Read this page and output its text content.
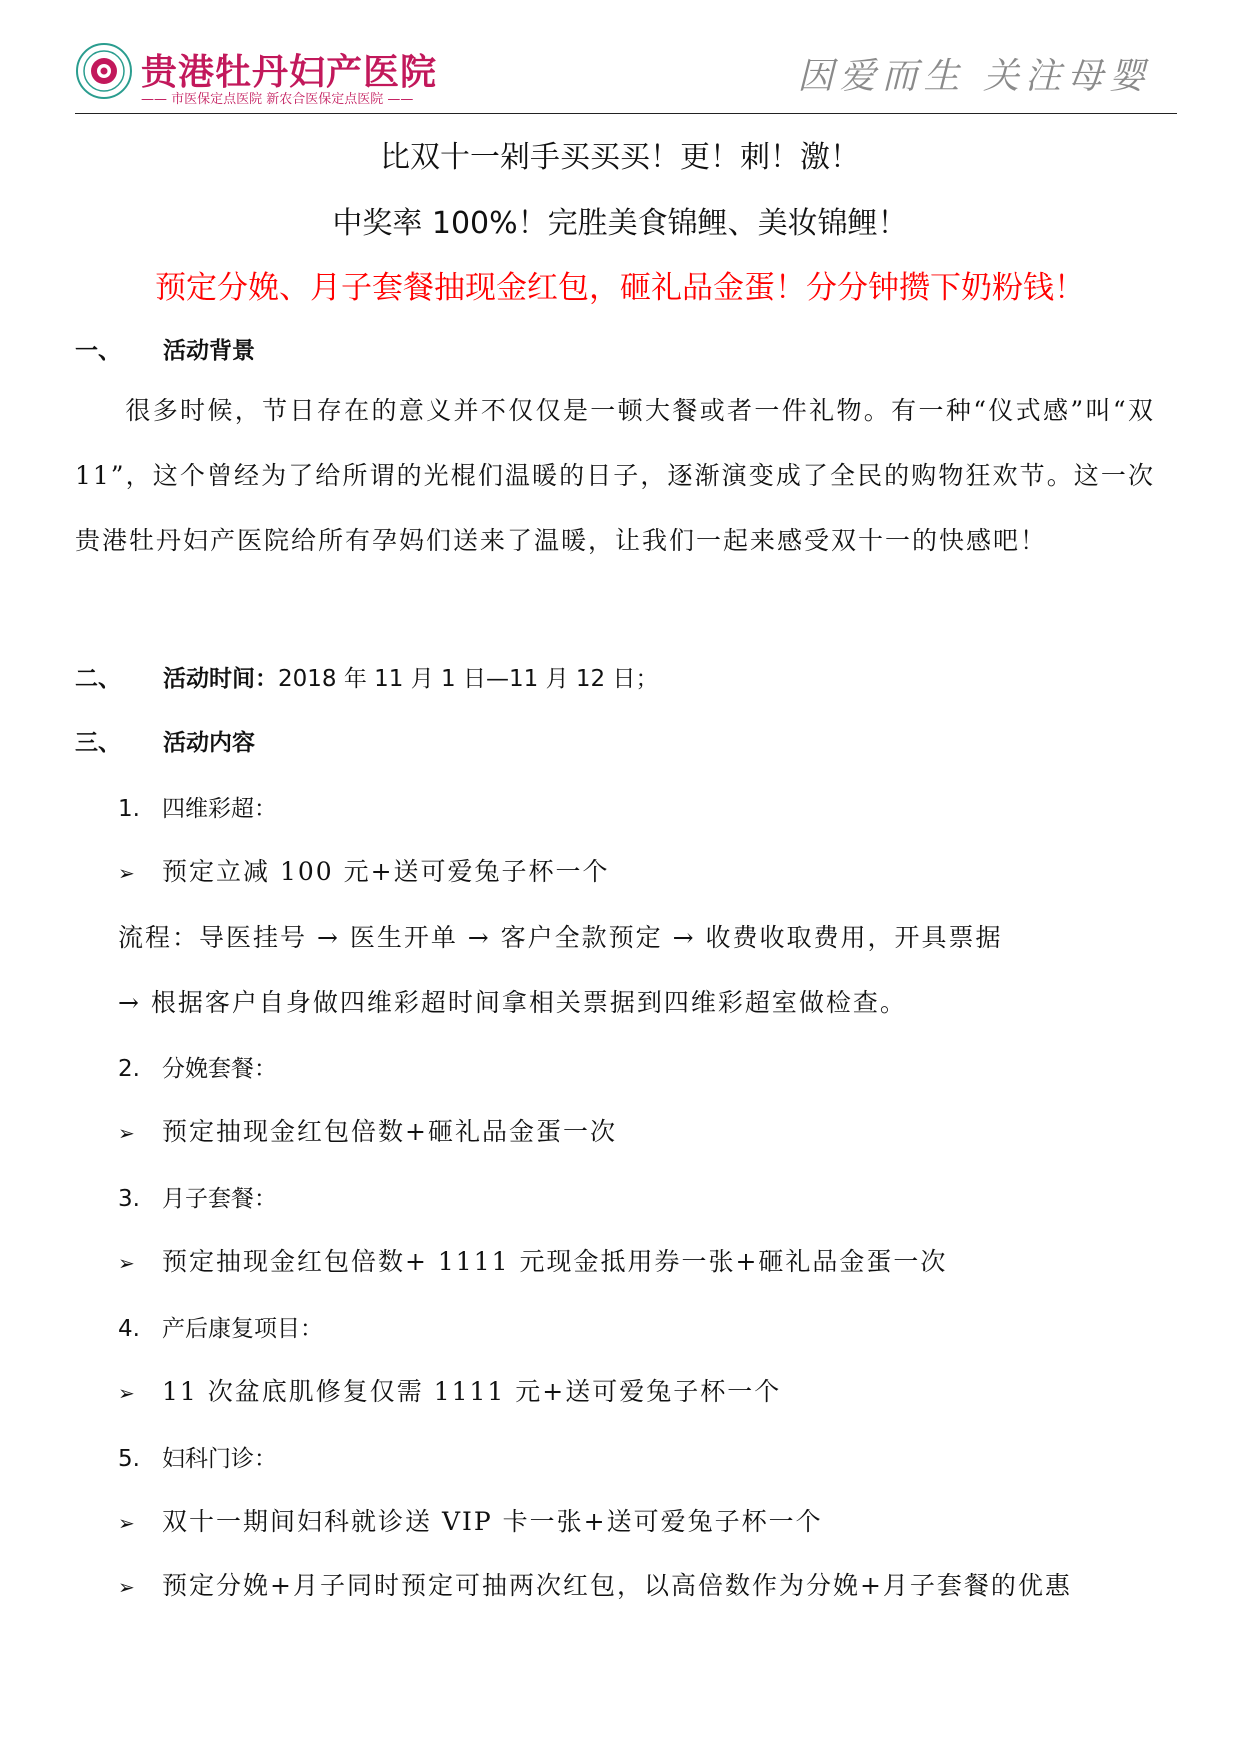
贵港牡丹妇产医院
—— 市医保定点医院 新农合医保定点医院 ——
因爱而生 关注母婴
比双十一剁手买买买！更！刺！激！
中奖率 100%！完胜美食锦鲤、美妆锦鲤！
预定分娩、月子套餐抽现金红包，砸礼品金蛋！分分钟攒下奶粉钱！
一、 活动背景
很多时候，节日存在的意义并不仅仅是一顿大餐或者一件礼物。有一种“仪式感”叫“双 11”，这个曾经为了给所谓的光棍们温暖的日子，逐渐演变成了全民的购物狂欢节。这一次贵港牡丹妇产医院给所有孕妈们送来了温暖，让我们一起来感受双十一的快感吧！
二、 活动时间：2018 年 11 月 1 日—11 月 12 日；
三、 活动内容
1. 四维彩超：
➢ 预定立减 100 元+送可爱兔子杯一个
流程：导医挂号 → 医生开单 → 客户全款预定 → 收费收取费用，开具票据
→ 根据客户自身做四维彩超时间拿相关票据到四维彩超室做检查。
2. 分娩套餐：
➢ 预定抽现金红包倍数+砸礼品金蛋一次
3. 月子套餐：
➢ 预定抽现金红包倍数+ 1111 元现金抵用券一张+砸礼品金蛋一次
4. 产后康复项目：
➢ 11 次盆底肌修复仅需 1111 元+送可爱兔子杯一个
5. 妇科门诊：
➢ 双十一期间妇科就诊送 VIP 卡一张+送可爱兔子杯一个
➢ 预定分娩+月子同时预定可抽两次红包，以高倍数作为分娩+月子套餐的优惠
